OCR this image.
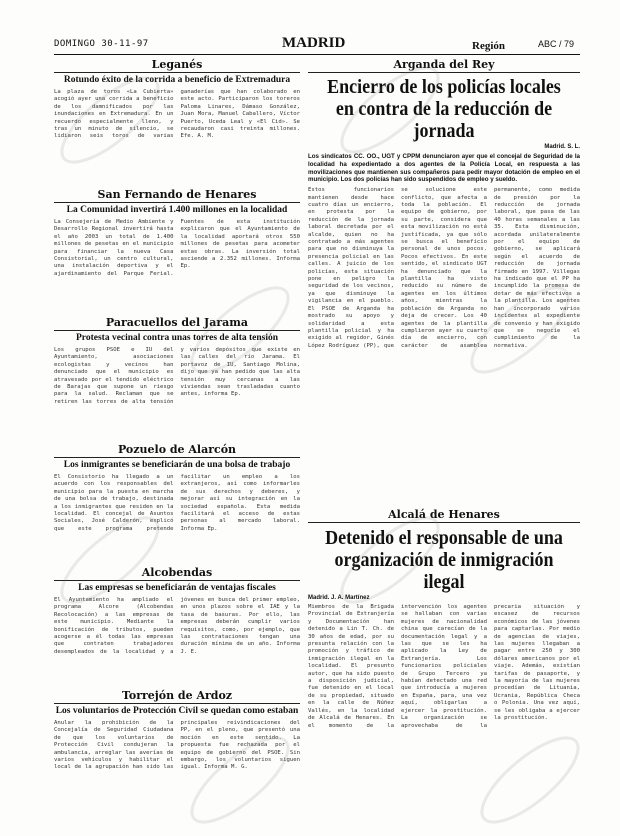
DOMINGO 30-11-97	MADRID	Región	ABC / 79
Leganés
Rotundo éxito de la corrida a beneficio de Extremadura
La plaza de toros «La Cubierta» acogió ayer una corrida a beneficio de los damnificados por las inundaciones en Extremadura. En un recuerdo especialmente lleno, y tras un minuto de silencio, se lidiaron seis toros de varias ganaderías que han colaborado en este acto. Participaron los toreros Paloma Linares, Dámaso González, Juan Mora, Manuel Caballero, Víctor Puerto, Uceda Leal y «El Cid». Se recaudaron casi treinta millones. Efe. A. M.
San Fernando de Henares
La Comunidad invertirá 1.400 millones en la localidad
La Consejería de Medio Ambiente y Desarrollo Regional invertirá hasta el año 2003 un total de 1.400 millones de pesetas en el municipio para financiar la nueva Casa Consistorial, un centro cultural, una instalación deportiva y el ajardinamiento del Parque Ferial. Fuentes de esta institución explicaron que el Ayuntamiento de la localidad aportará otros 550 millones de pesetas para acometer estas obras. La inversión total asciende a 2.352 millones. Informa Ep.
Paracuellos del Jarama
Protesta vecinal contra unas torres de alta tensión
Los grupos PSOE e IU del Ayuntamiento, asociaciones ecologistas y vecinos han denunciado que el municipio es atravesado por el tendido eléctrico de Barajas que supone un riesgo para la salud. Reclaman que se retiren las torres de alta tensión y varios depósitos que existe en las calles del río Jarama. El portavoz de IU, Santiago Molina, dijo que ya han pedido que las alta tensión muy cercanas a las viviendas sean trasladadas cuanto antes, informa Ep.
Pozuelo de Alarcón
Los inmigrantes se beneficiarán de una bolsa de trabajo
El Consistorio ha llegado a un acuerdo con los responsables del municipio para la puesta en marcha de una bolsa de trabajo, destinada a los inmigrantes que residen en la localidad. El concejal de Asuntos Sociales, José Calderón, explicó que este programa pretende facilitar un empleo a los extranjeros, así como informarles de sus derechos y deberes, y mejorar así su integración en la sociedad española. Esta medida facilitará el acceso de estas personas al mercado laboral. Informa Ep.
Alcobendas
Las empresas se beneficiarán de ventajas fiscales
El Ayuntamiento ha ampliado el programa Alcore (Alcobendas Recolocación) a las empresas de este municipio. Mediante la bonificación de tributos, pueden acogerse a él todas las empresas que contraten trabajadores desempleados de la localidad y a jóvenes en busca del primer empleo, en unos plazos sobre el IAE y la tasa de basuras. Por ello, las empresas deberán cumplir varios requisitos, como, por ejemplo, que las contrataciones tengan una duración mínima de un año. Informa J. E.
Torrejón de Ardoz
Los voluntarios de Protección Civil se quedan como estaban
Anular la prohibición de la Concejalía de Seguridad Ciudadana de que los voluntarios de Protección Civil condujeran la ambulancia, arreglar las averías de varios vehículos y habilitar el local de la agrupación han sido las principales reivindicaciones del PP, en el pleno, que presentó una moción en este sentido. La propuesta fue rechazada por el equipo de gobierno del PSOE. Sin embargo, los voluntarios siguen igual. Informa M. G.
Arganda del Rey
Encierro de los policías locales en contra de la reducción de jornada
Madrid. S. L.
Los sindicatos CC. OO., UGT y CPPM denunciaron ayer que el concejal de Seguridad de la localidad ha expedientado a dos agentes de la Policía Local, en respuesta a las movilizaciones que mantienen sus compañeros para pedir mayor dotación de empleo en el municipio. Los dos policías han sido suspendidos de empleo y sueldo.
Estos funcionarios mantienen desde hace cuatro días un encierro, en protesta por la reducción de la jornada laboral decretada por el alcalde, quien no ha contratado a más agentes para que no disminuya la presencia policial en las calles. A juicio de los policías, esta situación pone en peligro la seguridad de los vecinos, ya que disminuye la vigilancia en el pueblo. El PSOE de Arganda ha mostrado su apoyo y solidaridad a esta plantilla policial y ha exigido al regidor, Ginés López Rodríguez (PP), que se solucione este conflicto, que afecta a toda la población. El equipo de gobierno, por su parte, considera que esta movilización no está justificada, ya que sólo se busca el beneficio personal de unos pocos. Pocos efectivos. En este sentido, el sindicato UGT ha denunciado que la plantilla ha visto reducido su número de agentes en los últimos años, mientras la población de Arganda no deja de crecer. Los 40 agentes de la plantilla cumplieron ayer su cuarto día de encierro, con carácter de asamblea permanente, como medida de presión por la reducción de jornada laboral, que pasa de las 40 horas semanales a las 35. Esta disminución, acordada unilateralmente por el equipo de gobierno, se aplicará según el acuerdo de reducción de jornada firmado en 1997. Villegas ha indicado que el PP ha incumplido la promesa de dotar de más efectivos a la plantilla. Los agentes han incorporado varios incidentes al expediente de convenio y han exigido que se negocie el cumplimiento de la normativa.
Alcalá de Henares
Detenido el responsable de una organización de inmigración ilegal
Madrid. J. A. Martínez
Miembros de la Brigada Provincial de Extranjería y Documentación han detenido a Lin T. Ch. de 30 años de edad, por su presunta relación con la promoción y tráfico de inmigración ilegal en la localidad. El presunto autor, que ha sido puesto a disposición judicial, fue detenido en el local de su propiedad, situado en la calle de Núñez Vallés, en la localidad de Alcalá de Henares. En el momento de la intervención los agentes se hallaban con varias mujeres de nacionalidad china que carecían de la documentación legal y a las que se les ha aplicado la Ley de Extranjería. Los funcionarios policiales de Grupo Tercero ya habían detectado una red que introducía a mujeres en España, para, una vez aquí, obligarlas a ejercer la prostitución. La organización se aprovechaba de la precaria situación y escasez de recursos económicos de las jóvenes para captarlas. Por medio de agencias de viajes, las mujeres llegaban a pagar entre 250 y 300 dólares americanos por el viaje. Además, existían tarifas de pasaporte, y la mayoría de las mujeres procedían de Lituania, Ucrania, República Checa o Polonia. Una vez aquí, se les obligaba a ejercer la prostitución.
